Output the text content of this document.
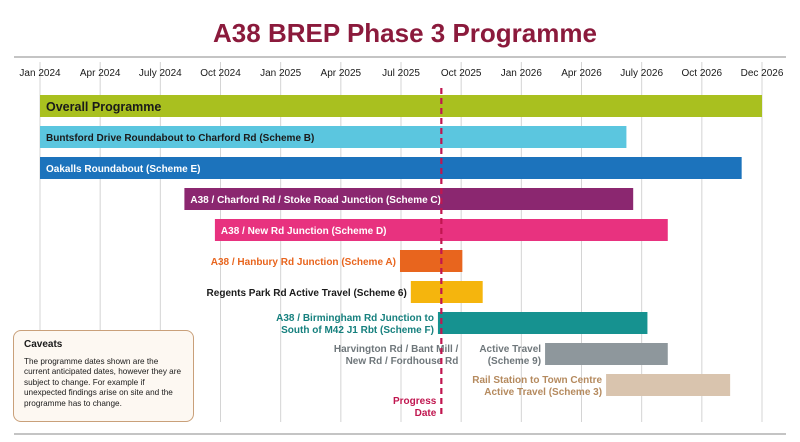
A38 BREP Phase 3 Programme
Jan 2024 Apr 2024 July 2024 Oct 2024 Jan 2025 Apr 2025 Jul 2025 Oct 2025 Jan 2026 Apr 2026 July 2026 Oct 2026 Dec 2026
Overall Programme
Buntsford Drive Roundabout to Charford Rd (Scheme B)
Oakalls Roundabout (Scheme E)
A38 / Charford Rd / Stoke Road Junction (Scheme C)
A38 / New Rd Junction (Scheme D)
A38 / Hanbury Rd Junction (Scheme A)
Regents Park Rd Active Travel (Scheme 6)
A38 / Birmingham Rd Junction to
South of M42 J1 Rbt (Scheme F)
Active Travel
(Scheme 9)
Rail Station to Town Centre
Active Travel (Scheme 3)
Harvington Rd / Bant Mill /
New Rd / Fordhouse Rd
Progress
Date
Caveats
The programme dates shown are the current anticipated dates, however they are subject to change. For example if unexpected findings arise on site and the programme has to change.
